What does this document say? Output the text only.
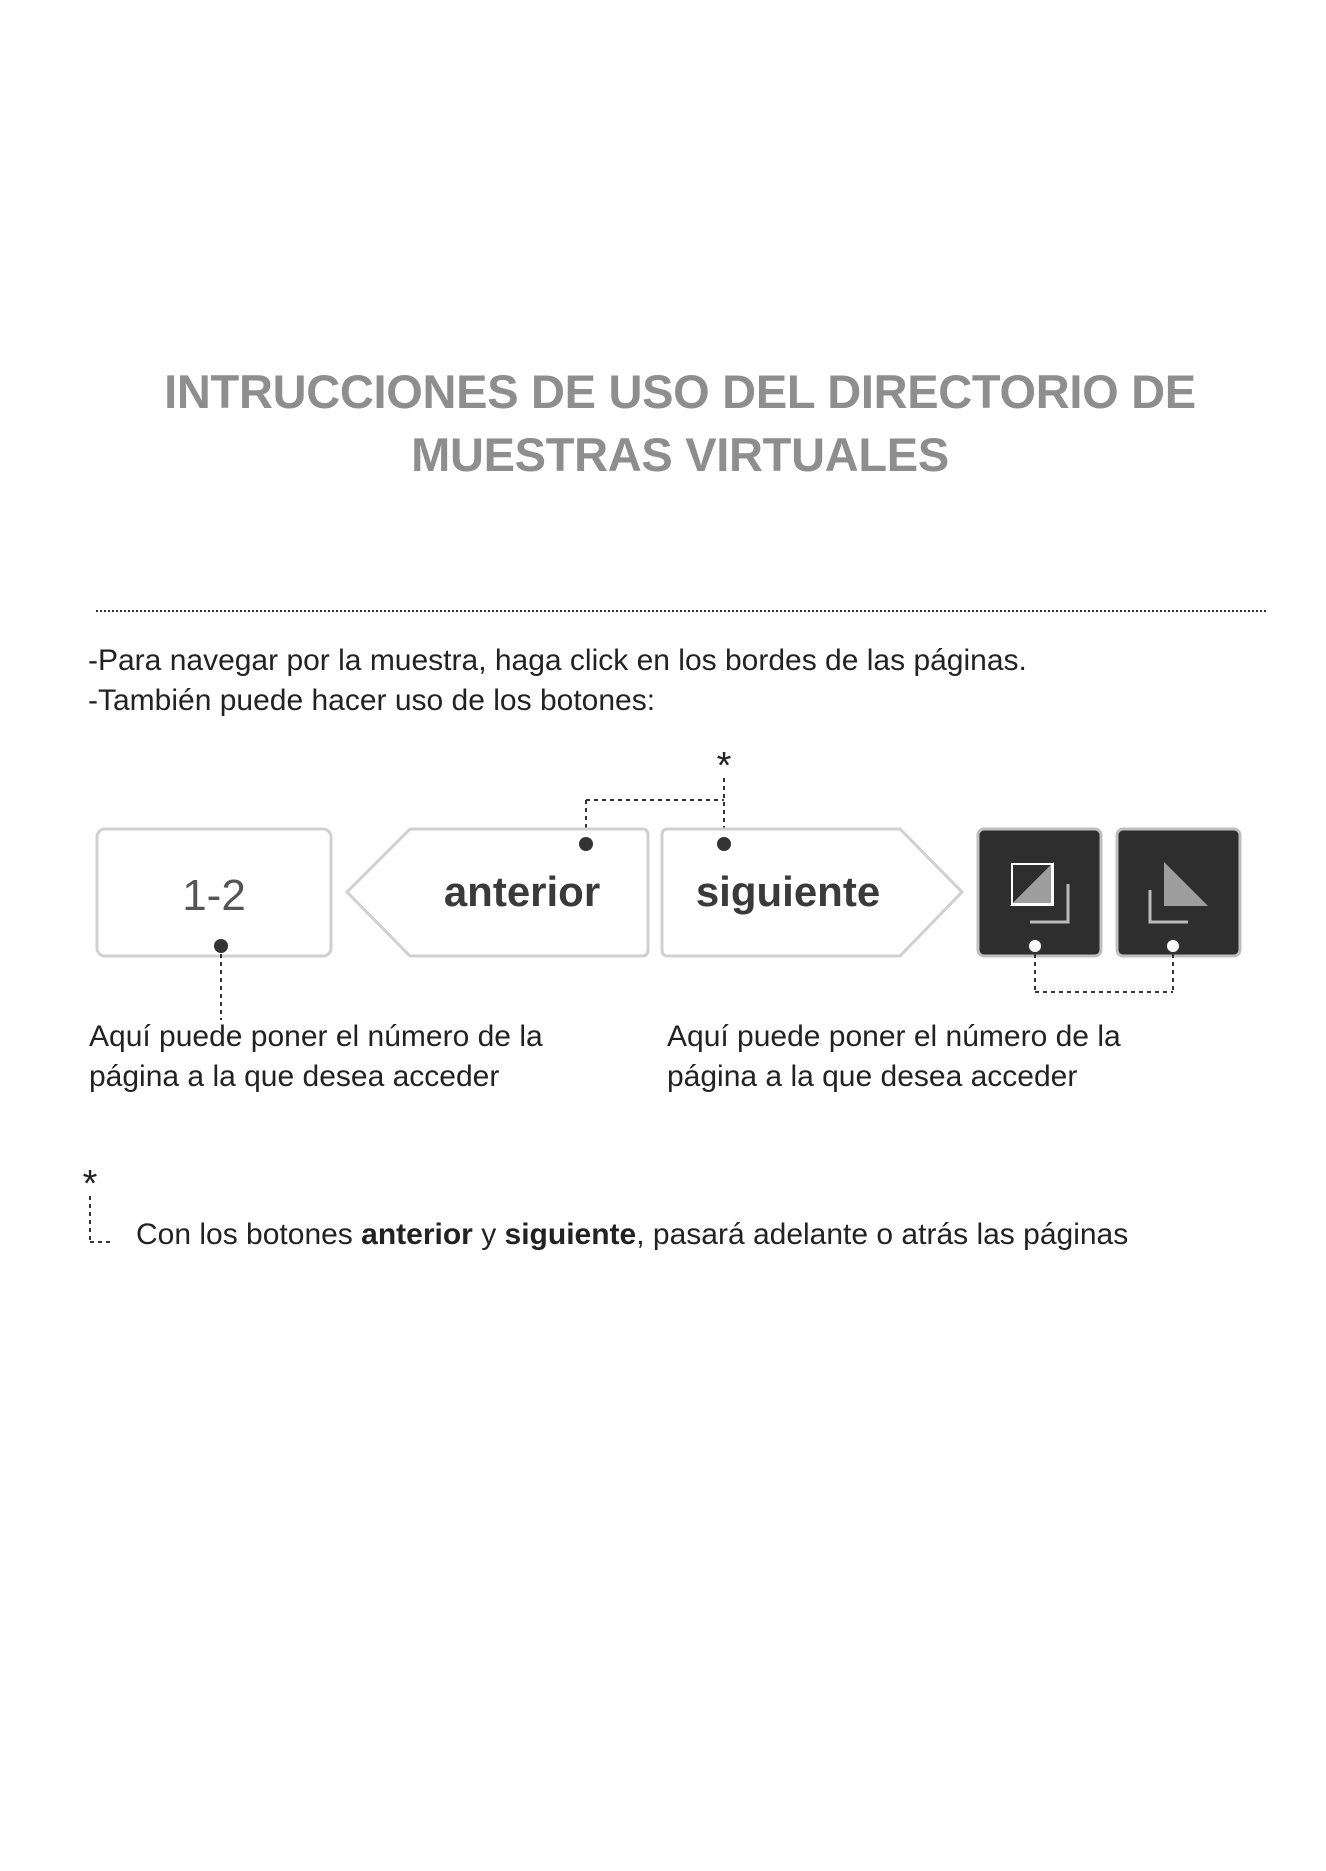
INTRUCCIONES DE USO DEL DIRECTORIO DE
MUESTRAS VIRTUALES
-Para navegar por la muestra, haga click en los bordes de las páginas.
-También puede hacer uso de los botones:
*
1-2	anterior siguiente
*
Aquí puede poner el número de la
página a la que desea acceder
Aquí puede poner el número de la
página a la que desea acceder
Con los botones anterior y siguiente, pasará adelante o atrás las páginas
